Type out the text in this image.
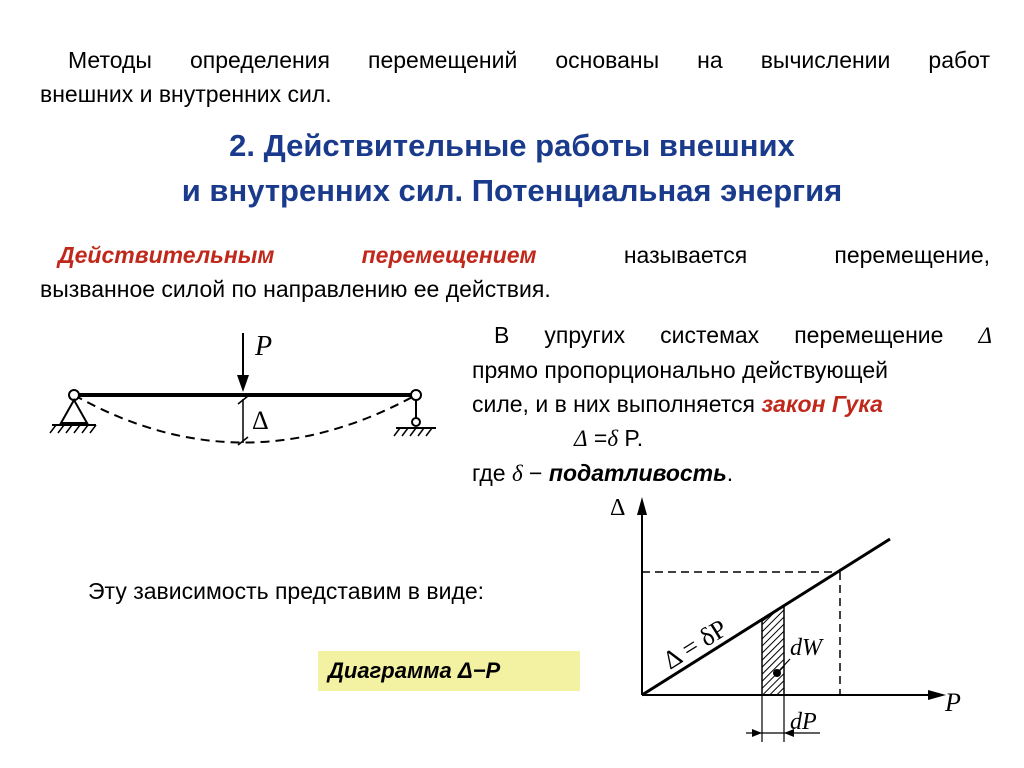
Методы определения перемещений основаны на вычислении работ
внешних и внутренних сил.
2. Действительные работы внешних
и внутренних сил. Потенциальная энергия
Действительным перемещением	называется перемещение,
вызванное силой по направлению ее действия.
P
Δ
В упругих системах перемещение Δ
прямо пропорционально действующей
силе, и в них выполняется закон Гука
Δ =δ P.
где δ − податливость.
Эту зависимость представим в виде:
Диаграмма Δ−P
Δ
P
dW
Δ = δP
dP
